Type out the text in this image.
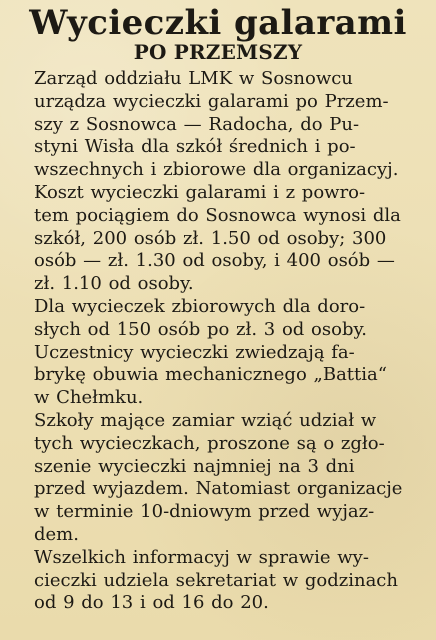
Wycieczki galarami
PO PRZEMSZY

Zarząd oddziału LMK w Sosnowcu
urządza wycieczki galarami po Przem-
szy z Sosnowca — Radocha, do Pu-
styni Wisła dla szkół średnich i po-
wszechnych i zbiorowe dla organizacyj.

Koszt wycieczki galarami i z powro-
tem pociągiem do Sosnowca wynosi dla
szkół, 200 osób zł. 1.50 od osoby; 300
osób — zł. 1.30 od osoby, i 400 osób —
zł. 1.10 od osoby.

Dla wycieczek zbiorowych dla doro-
słych od 150 osób po zł. 3 od osoby.

Uczestnicy wycieczki zwiedzają fa-
brykę obuwia mechanicznego „Battia“
w Chełmku.

Szkoły mające zamiar wziąć udział w
tych wycieczkach, proszone są o zgło-
szenie wycieczki najmniej na 3 dni
przed wyjazdem. Natomiast organizacje
w terminie 10-dniowym przed wyjaz-
dem.

Wszelkich informacyj w sprawie wy-
cieczki udziela sekretariat w godzinach
od 9 do 13 i od 16 do 20.
